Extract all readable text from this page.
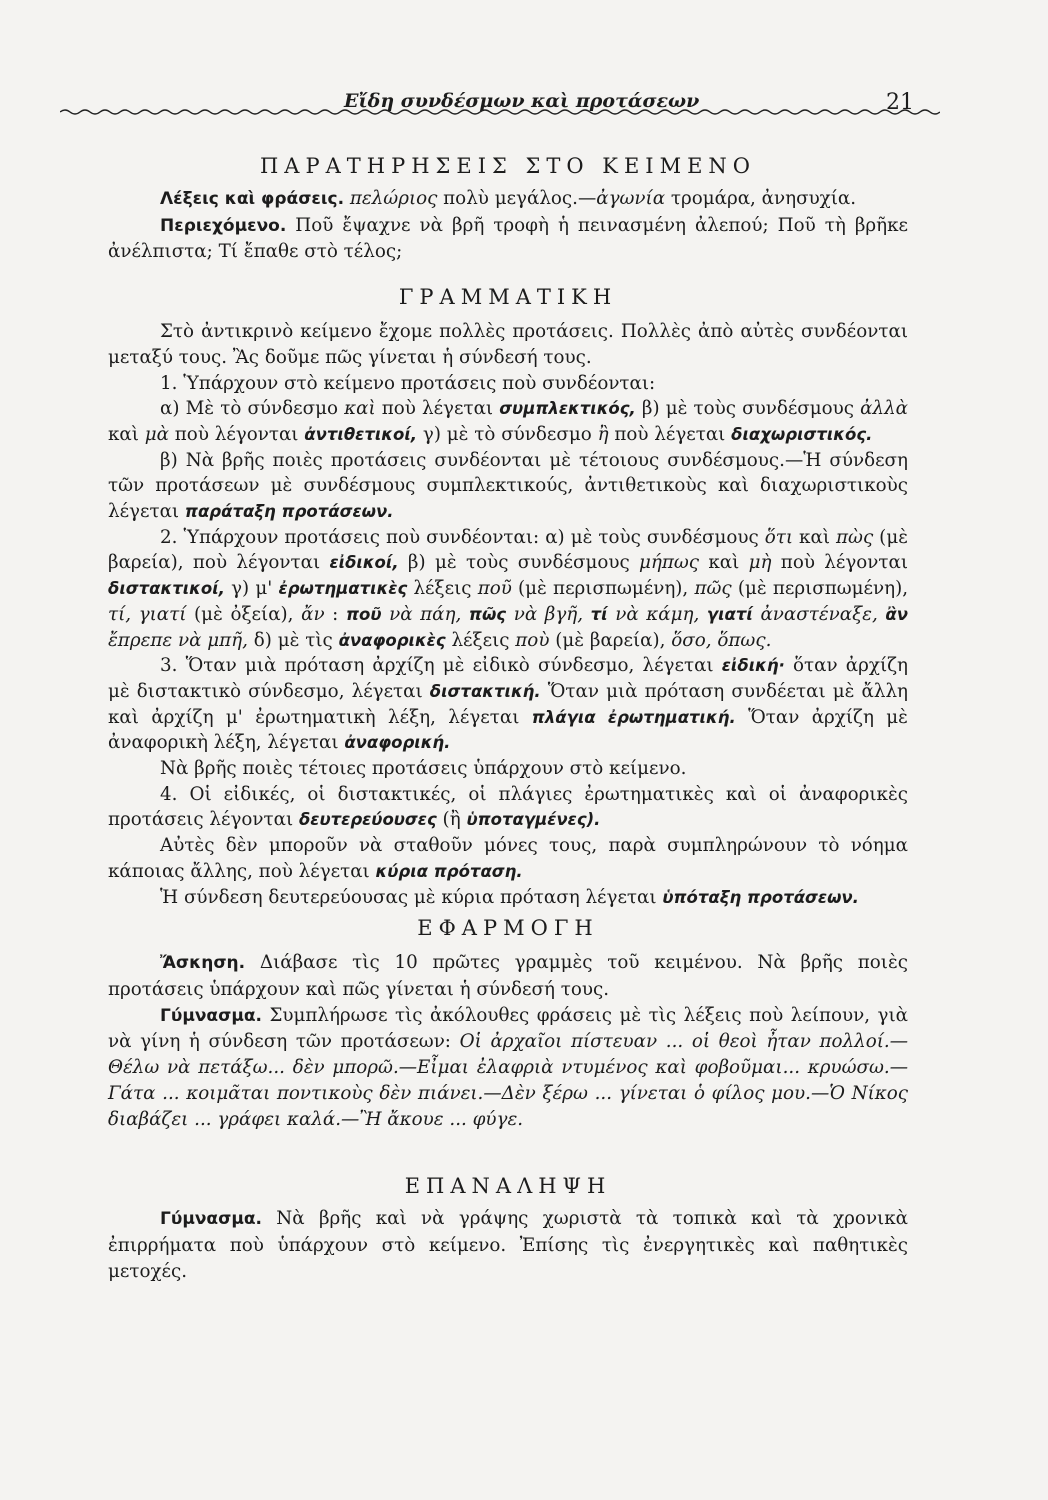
Εἴδη συνδέσμων καὶ προτάσεων	21
ΠΑΡΑΤΗΡΗΣΕΙΣ ΣΤΟ ΚΕΙΜΕΝΟ

Λέξεις καὶ φράσεις. πελώριος πολὺ μεγάλος.—ἀγωνία τρομάρα, ἀνησυχία.

Περιεχόμενο. Ποῦ ἔψαχνε νὰ βρῆ τροφὴ ἡ πεινασμένη ἀλεπού; Ποῦ τὴ βρῆκε ἀνέλπιστα; Τί ἔπαθε στὸ τέλος;

ΓΡΑΜΜΑΤΙΚΗ

Στὸ ἀντικρινὸ κείμενο ἔχομε πολλὲς προτάσεις. Πολλὲς ἀπὸ αὐτὲς συνδέονται μεταξύ τους. Ἂς δοῦμε πῶς γίνεται ἡ σύνδεσή τους.

1. Ὑπάρχουν στὸ κείμενο προτάσεις ποὺ συνδέονται:

α) Μὲ τὸ σύνδεσμο καὶ ποὺ λέγεται συμπλεκτικός, β) μὲ τοὺς συνδέσμους ἀλλὰ καὶ μὰ ποὺ λέγονται ἀντιθετικοί, γ) μὲ τὸ σύνδεσμο ἢ ποὺ λέγεται διαχωριστικός.

β) Νὰ βρῆς ποιὲς προτάσεις συνδέονται μὲ τέτοιους συνδέσμους.—Ἡ σύνδεση τῶν προτάσεων μὲ συνδέσμους συμπλεκτικούς, ἀντιθετικοὺς καὶ διαχωριστικοὺς λέγεται παράταξη προτάσεων.

2. Ὑπάρχουν προτάσεις ποὺ συνδέονται: α) μὲ τοὺς συνδέσμους ὅτι καὶ πὼς (μὲ βαρεία), ποὺ λέγονται εἰδικοί, β) μὲ τοὺς συνδέσμους μήπως καὶ μὴ ποὺ λέγονται διστακτικοί, γ) μ' ἐρωτηματικὲς λέξεις ποῦ (μὲ περισπωμένη), πῶς (μὲ περισπωμένη), τί, γιατί (μὲ ὀξεία), ἄν : ποῦ νὰ πάη, πῶς νὰ βγῆ, τί νὰ κάμη, γιατί ἀναστέναξε, ἂν ἔπρεπε νὰ μπῆ, δ) μὲ τὶς ἀναφορικὲς λέξεις ποὺ (μὲ βαρεία), ὅσο, ὅπως.

3. Ὅταν μιὰ πρόταση ἀρχίζη μὲ εἰδικὸ σύνδεσμο, λέγεται εἰδική· ὅταν ἀρχίζη μὲ διστακτικὸ σύνδεσμο, λέγεται διστακτική. Ὅταν μιὰ πρόταση συνδέεται μὲ ἄλλη καὶ ἀρχίζη μ' ἐρωτηματικὴ λέξη, λέγεται πλάγια ἐρωτηματική. Ὅταν ἀρχίζη μὲ ἀναφορικὴ λέξη, λέγεται ἀναφορική.

Νὰ βρῆς ποιὲς τέτοιες προτάσεις ὑπάρχουν στὸ κείμενο.

4. Οἱ εἰδικές, οἱ διστακτικές, οἱ πλάγιες ἐρωτηματικὲς καὶ οἱ ἀναφορικὲς προτάσεις λέγονται δευτερεύουσες (ἢ ὑποταγμένες).

Αὐτὲς δὲν μποροῦν νὰ σταθοῦν μόνες τους, παρὰ συμπληρώνουν τὸ νόημα κάποιας ἄλλης, ποὺ λέγεται κύρια πρόταση.

Ἡ σύνδεση δευτερεύουσας μὲ κύρια πρόταση λέγεται ὑπόταξη προτάσεων.

ΕΦΑΡΜΟΓΗ

Ἄσκηση. Διάβασε τὶς 10 πρῶτες γραμμὲς τοῦ κειμένου. Νὰ βρῆς ποιὲς προτάσεις ὑπάρχουν καὶ πῶς γίνεται ἡ σύνδεσή τους.

Γύμνασμα. Συμπλήρωσε τὶς ἀκόλουθες φράσεις μὲ τὶς λέξεις ποὺ λείπουν, γιὰ νὰ γίνη ἡ σύνδεση τῶν προτάσεων: Οἱ ἀρχαῖοι πίστευαν ... οἱ θεοὶ ἦταν πολλοί.—Θέλω νὰ πετάξω... δὲν μπορῶ.—Εἶμαι ἐλαφριὰ ντυμένος καὶ φοβοῦμαι... κρυώσω.—Γάτα ... κοιμᾶται ποντικοὺς δὲν πιάνει.—Δὲν ξέρω ... γίνεται ὁ φίλος μου.—Ὁ Νίκος διαβάζει ... γράφει καλά.—Ἢ ἄκουε ... φύγε.

ΕΠΑΝΑΛΗΨΗ

Γύμνασμα. Νὰ βρῆς καὶ νὰ γράψης χωριστὰ τὰ τοπικὰ καὶ τὰ χρονικὰ ἐπιρρήματα ποὺ ὑπάρχουν στὸ κείμενο. Ἐπίσης τὶς ἐνεργητικὲς καὶ παθητικὲς μετοχές.
